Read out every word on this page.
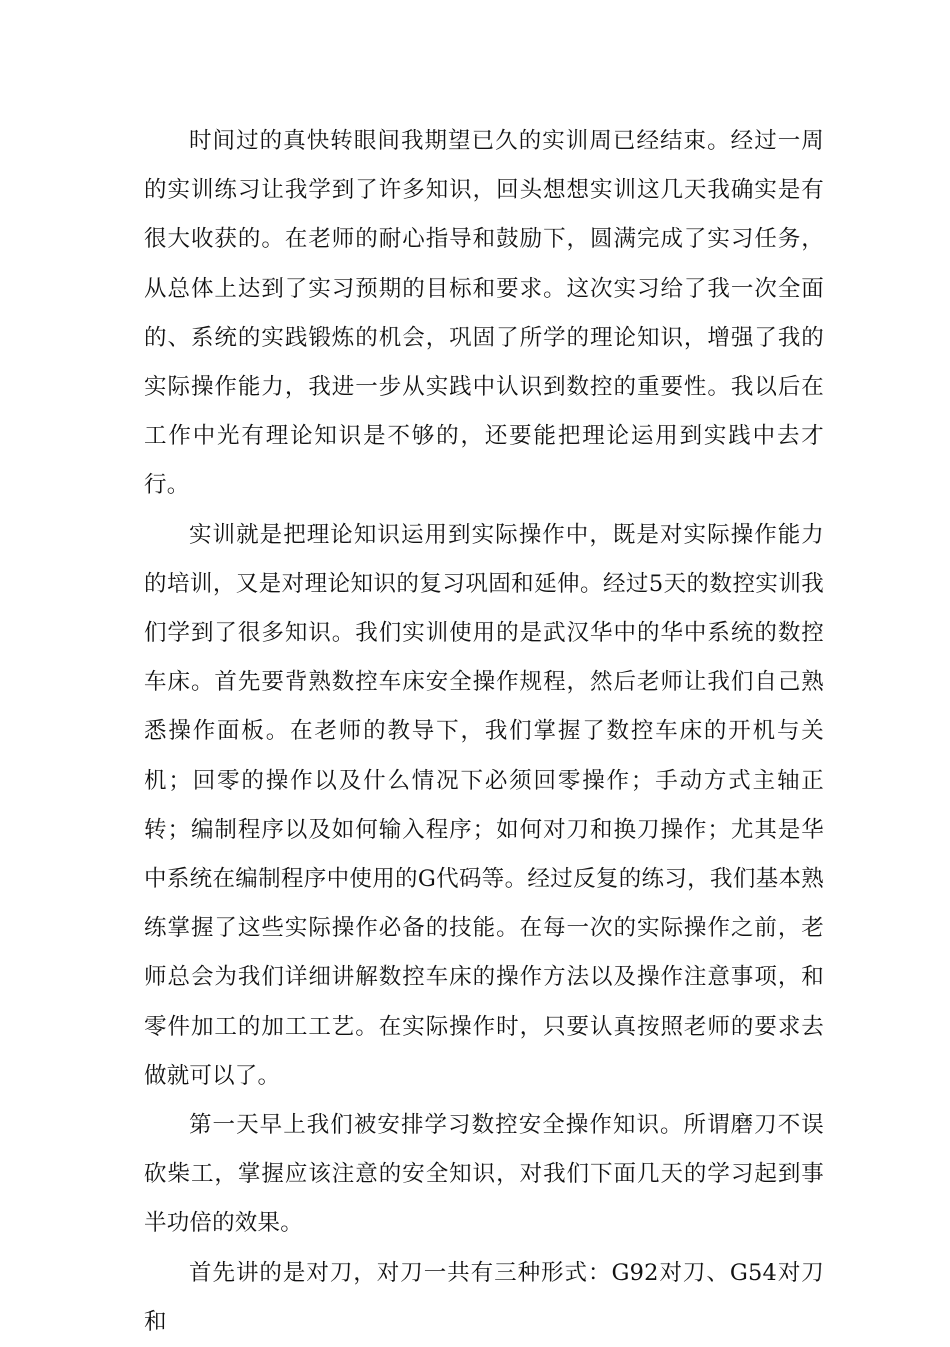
时间过的真快转眼间我期望已久的实训周已经结束。经过一周的实训练习让我学到了许多知识，回头想想实训这几天我确实是有很大收获的。在老师的耐心指导和鼓励下，圆满完成了实习任务，从总体上达到了实习预期的目标和要求。这次实习给了我一次全面的、系统的实践锻炼的机会，巩固了所学的理论知识，增强了我的实际操作能力，我进一步从实践中认识到数控的重要性。我以后在工作中光有理论知识是不够的，还要能把理论运用到实践中去才行。

实训就是把理论知识运用到实际操作中，既是对实际操作能力的培训，又是对理论知识的复习巩固和延伸。经过5天的数控实训我们学到了很多知识。我们实训使用的是武汉华中的华中系统的数控车床。首先要背熟数控车床安全操作规程，然后老师让我们自己熟悉操作面板。在老师的教导下，我们掌握了数控车床的开机与关机；回零的操作以及什么情况下必须回零操作；手动方式主轴正转；编制程序以及如何输入程序；如何对刀和换刀操作；尤其是华中系统在编制程序中使用的G代码等。经过反复的练习，我们基本熟练掌握了这些实际操作必备的技能。在每一次的实际操作之前，老师总会为我们详细讲解数控车床的操作方法以及操作注意事项，和零件加工的加工工艺。在实际操作时，只要认真按照老师的要求去做就可以了。

第一天早上我们被安排学习数控安全操作知识。所谓磨刀不误砍柴工，掌握应该注意的安全知识，对我们下面几天的学习起到事半功倍的效果。

首先讲的是对刀，对刀一共有三种形式：G92对刀、G54对刀和
